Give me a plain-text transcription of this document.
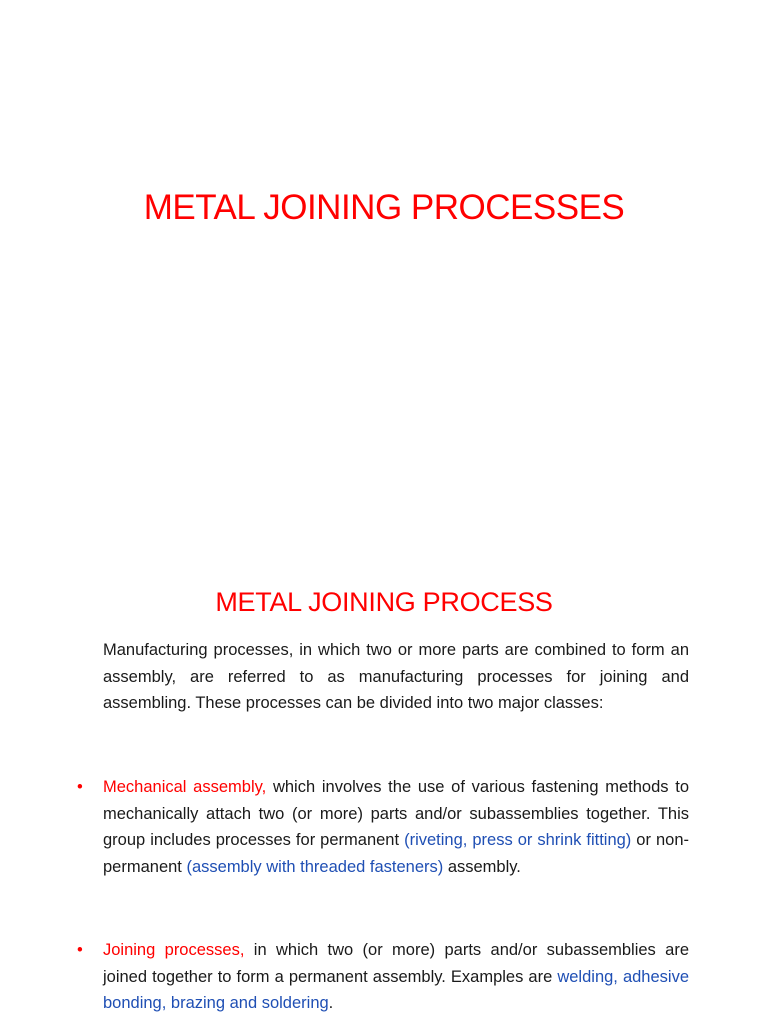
METAL JOINING PROCESSES
METAL JOINING PROCESS
Manufacturing processes, in which two or more parts are combined to form an assembly, are referred to as manufacturing processes for joining and assembling. These processes can be divided into two major classes:
• Mechanical assembly, which involves the use of various fastening methods to mechanically attach two (or more) parts and/or subassemblies together. This group includes processes for permanent (riveting, press or shrink fitting) or non-permanent (assembly with threaded fasteners) assembly.
• Joining processes, in which two (or more) parts and/or subassemblies are joined together to form a permanent assembly. Examples are welding, adhesive bonding, brazing and soldering.
